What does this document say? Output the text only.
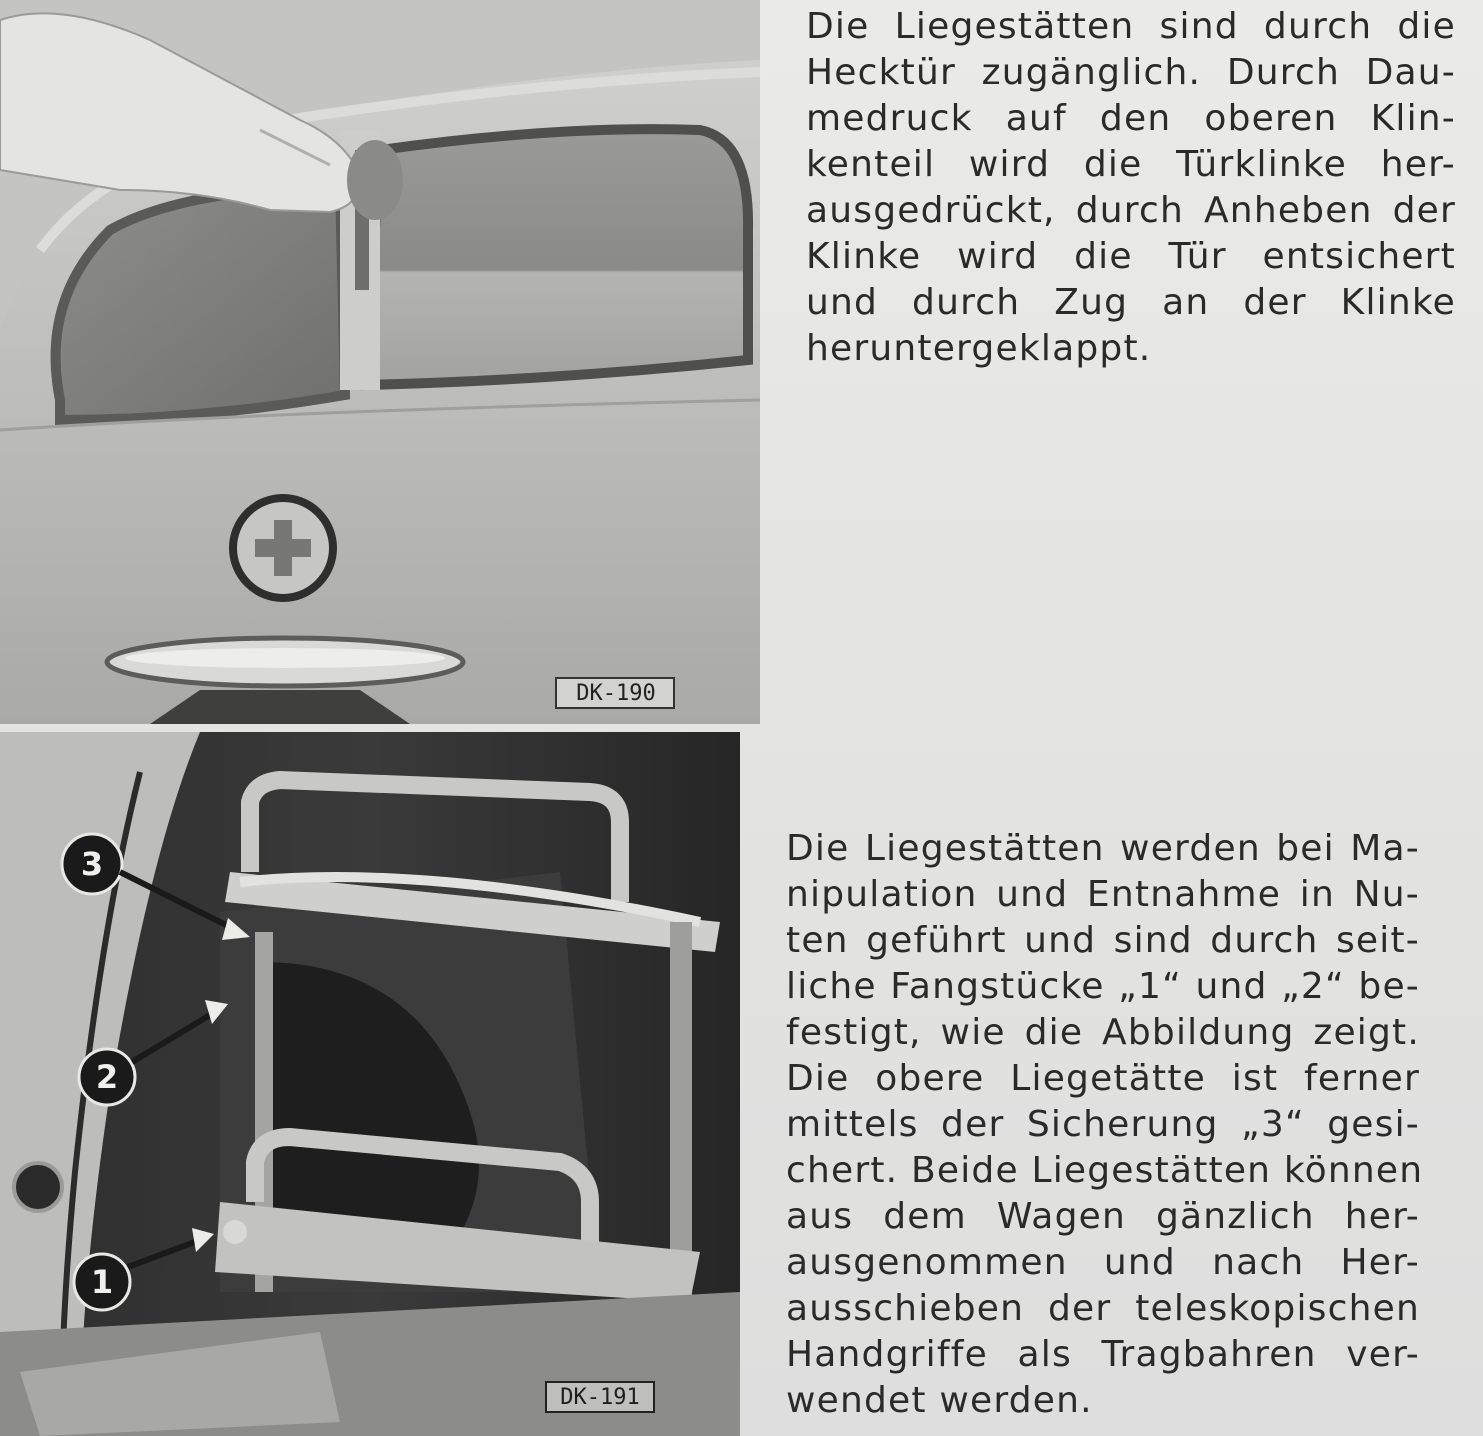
DK-190
Die Liegestätten sind durch die
Hecktür zugänglich. Durch Dau-
medruck auf den oberen Klin-
kenteil wird die Türklinke her-
ausgedrückt, durch Anheben der
Klinke wird die Tür entsichert
und durch Zug an der Klinke
heruntergeklappt.
3
2
1
DK-191
Die Liegestätten werden bei Ma-
nipulation und Entnahme in Nu-
ten geführt und sind durch seit-
liche Fangstücke „1“ und „2“ be-
festigt, wie die Abbildung zeigt.
Die obere Liegetätte ist ferner
mittels der Sicherung „3“ gesi-
chert. Beide Liegestätten können
aus dem Wagen gänzlich her-
ausgenommen und nach Her-
ausschieben der teleskopischen
Handgriffe als Tragbahren ver-
wendet werden.
